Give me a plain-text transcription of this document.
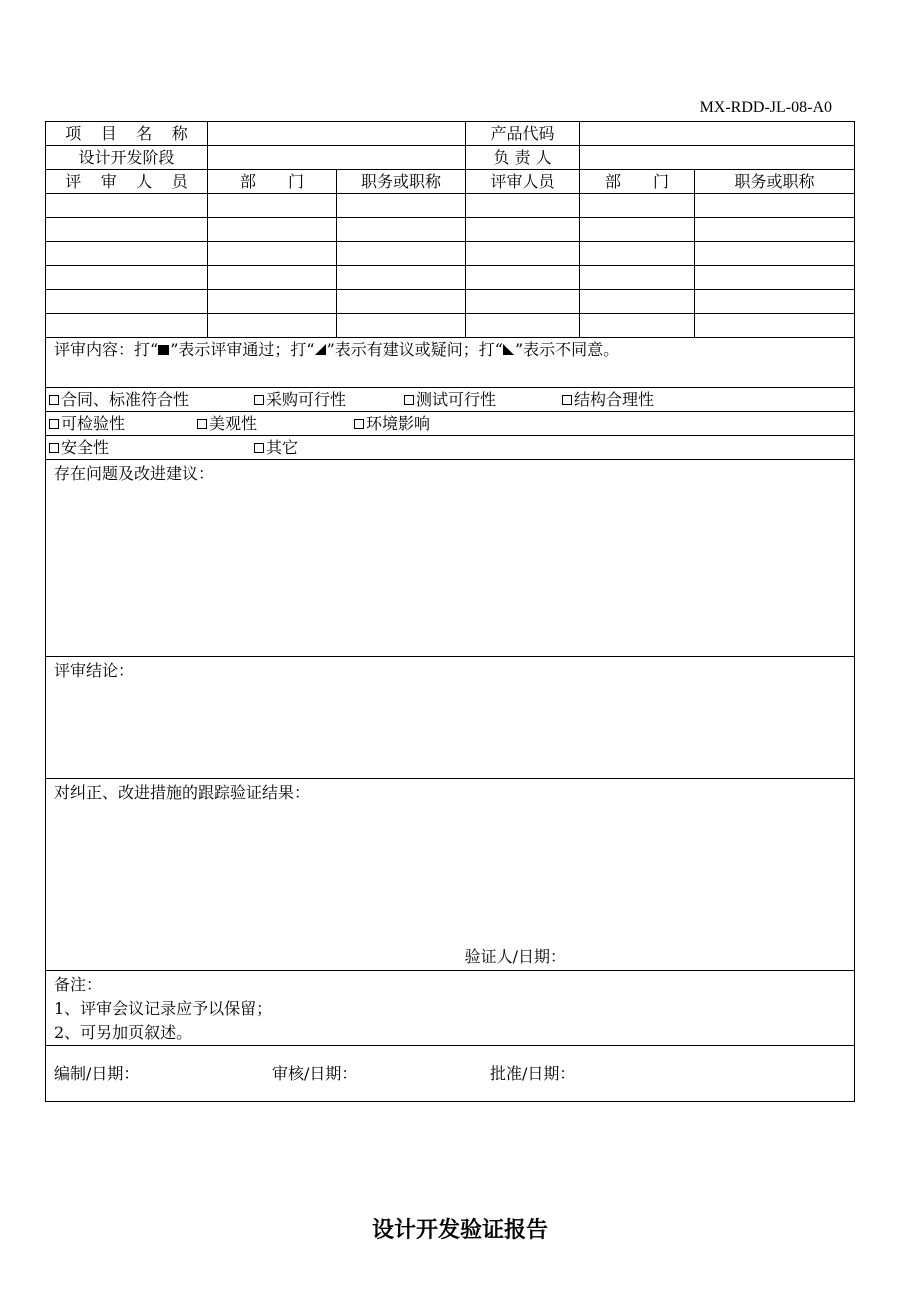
MX-RDD-JL-08-A0
项 目 名 称			产品代码		
设计开发阶段			负 责 人		
评 审 人 员	部　　门	职务或职称	评审人员	部　　门	职务或职称

评审内容：打“ ”表示评审通过；打“ ”表示有建议或疑问；打“ ”表示不同意。					

合同、标准符合性 采购可行性 测试可行性 结构合理性					

可检验性 美观性 环境影响					

安全性 其它					

存在问题及改进建议：					
评审结论：					
对纠正、改进措施的跟踪验证结果：
验证人/日期：					

备注：
1、评审会议记录应予以保留；
2、可另加页叙述。					

编制/日期： 审核/日期： 批准/日期：					
设计开发验证报告
